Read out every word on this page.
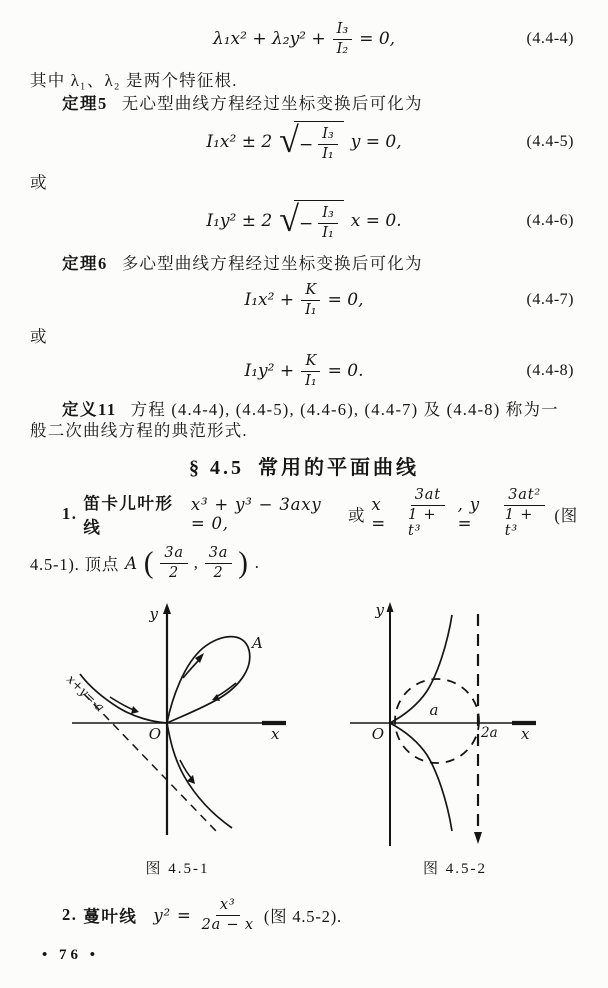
$\lambda_1x^2 + \lambda_2y^2 + \frac{\text{I₃}}{\text{I₂}} = 0$,	(4.4-4)
其中 λ₁、λ₂ 是两个特征根.
定理5 无心型曲线方程经过坐标变换后可化为
I₁x² ± 2 √ − $\frac{\text{I₃}}{\text{I₁}}$ y = 0,	(4.4-5)
或
I₁y² ± 2 √ − $\frac{\text{I₃}}{\text{I₁}}$ x = 0.	(4.4-6)
定理6 多心型曲线方程经过坐标变换后可化为
$I_1x^2 + \frac{K}{\text{I₁}} = 0$,	(4.4-7)
或
$I_1y^2 + \frac{K}{\text{I₁}} = 0$.	(4.4-8)
定义11 方程 (4.4-4), (4.4-5), (4.4-6), (4.4-7) 及 (4.4-8) 称为一
般二次曲线方程的典范形式.
§ 4.5 常用的平面曲线
1.
笛卡儿叶形线
x³ + y³ − 3axy = 0,	或
x =	$\frac{3at}{\text{1 + t³}}$ , y =	$\frac{\text{3at²}}{\text{1 + t³}}$ (图
4.5-1). 顶点 A ( $\frac{3a}{2}$ , $\frac{3a}{2}$ ) .
y
x
O
A
x+y=-a
y
x
O
a
2a
图 4.5-1	图 4.5-2
2. 蔓叶线 $y^2 = \frac{\text{x³}}{2a - x}$ (图 4.5-2).
• 76 •
